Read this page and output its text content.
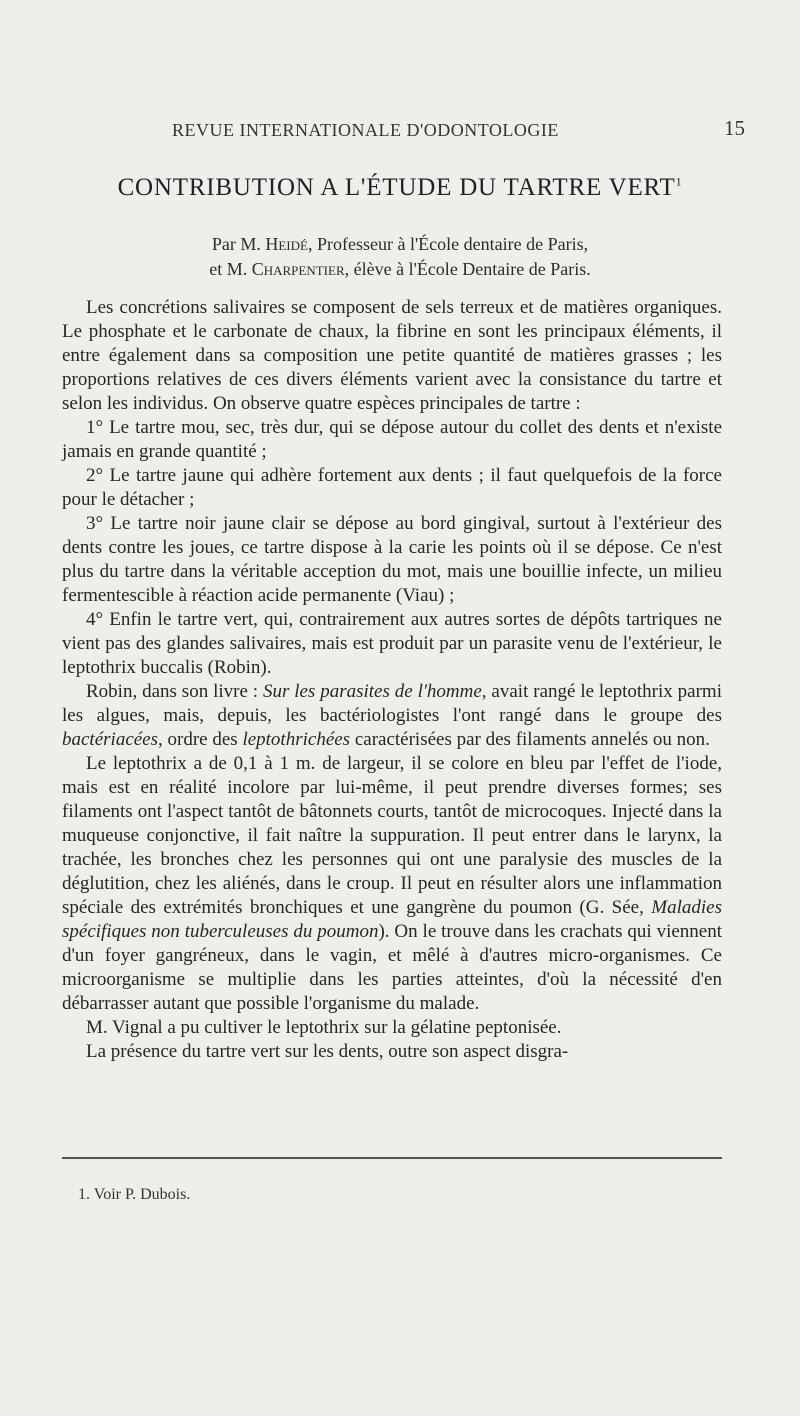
REVUE INTERNATIONALE D'ODONTOLOGIE	15
CONTRIBUTION A L'ÉTUDE DU TARTRE VERT$^1$
Par M. Heidé, Professeur à l'École dentaire de Paris,
et M. Charpentier, élève à l'École Dentaire de Paris.

Les concrétions salivaires se composent de sels terreux et de matières organiques. Le phosphate et le carbonate de chaux, la fibrine en sont les principaux éléments, il entre également dans sa composition une petite quantité de matières grasses ; les proportions relatives de ces divers éléments varient avec la consistance du tartre et selon les individus. On observe quatre espèces principales de tartre :

1° Le tartre mou, sec, très dur, qui se dépose autour du collet des dents et n'existe jamais en grande quantité ;

2° Le tartre jaune qui adhère fortement aux dents ; il faut quelquefois de la force pour le détacher ;

3° Le tartre noir jaune clair se dépose au bord gingival, surtout à l'extérieur des dents contre les joues, ce tartre dispose à la carie les points où il se dépose. Ce n'est plus du tartre dans la véritable acception du mot, mais une bouillie infecte, un milieu fermentescible à réaction acide permanente (Viau) ;

4° Enfin le tartre vert, qui, contrairement aux autres sortes de dépôts tartriques ne vient pas des glandes salivaires, mais est produit par un parasite venu de l'extérieur, le leptothrix buccalis (Robin).

Robin, dans son livre : Sur les parasites de l'homme, avait rangé le leptothrix parmi les algues, mais, depuis, les bactériologistes l'ont rangé dans le groupe des bactériacées, ordre des leptothrichées caractérisées par des filaments annelés ou non.

Le leptothrix a de 0,1 à 1 m. de largeur, il se colore en bleu par l'effet de l'iode, mais est en réalité incolore par lui-même, il peut prendre diverses formes; ses filaments ont l'aspect tantôt de bâtonnets courts, tantôt de microcoques. Injecté dans la muqueuse conjonctive, il fait naître la suppuration. Il peut entrer dans le larynx, la trachée, les bronches chez les personnes qui ont une paralysie des muscles de la déglutition, chez les aliénés, dans le croup. Il peut en résulter alors une inflammation spéciale des extrémités bronchiques et une gangrène du poumon (G. Sée, Maladies spécifiques non tuberculeuses du poumon). On le trouve dans les crachats qui viennent d'un foyer gangréneux, dans le vagin, et mêlé à d'autres micro-organismes. Ce microorganisme se multiplie dans les parties atteintes, d'où la nécessité d'en débarrasser autant que possible l'organisme du malade.

M. Vignal a pu cultiver le leptothrix sur la gélatine peptonisée.

La présence du tartre vert sur les dents, outre son aspect disgra-

1. Voir P. Dubois.
